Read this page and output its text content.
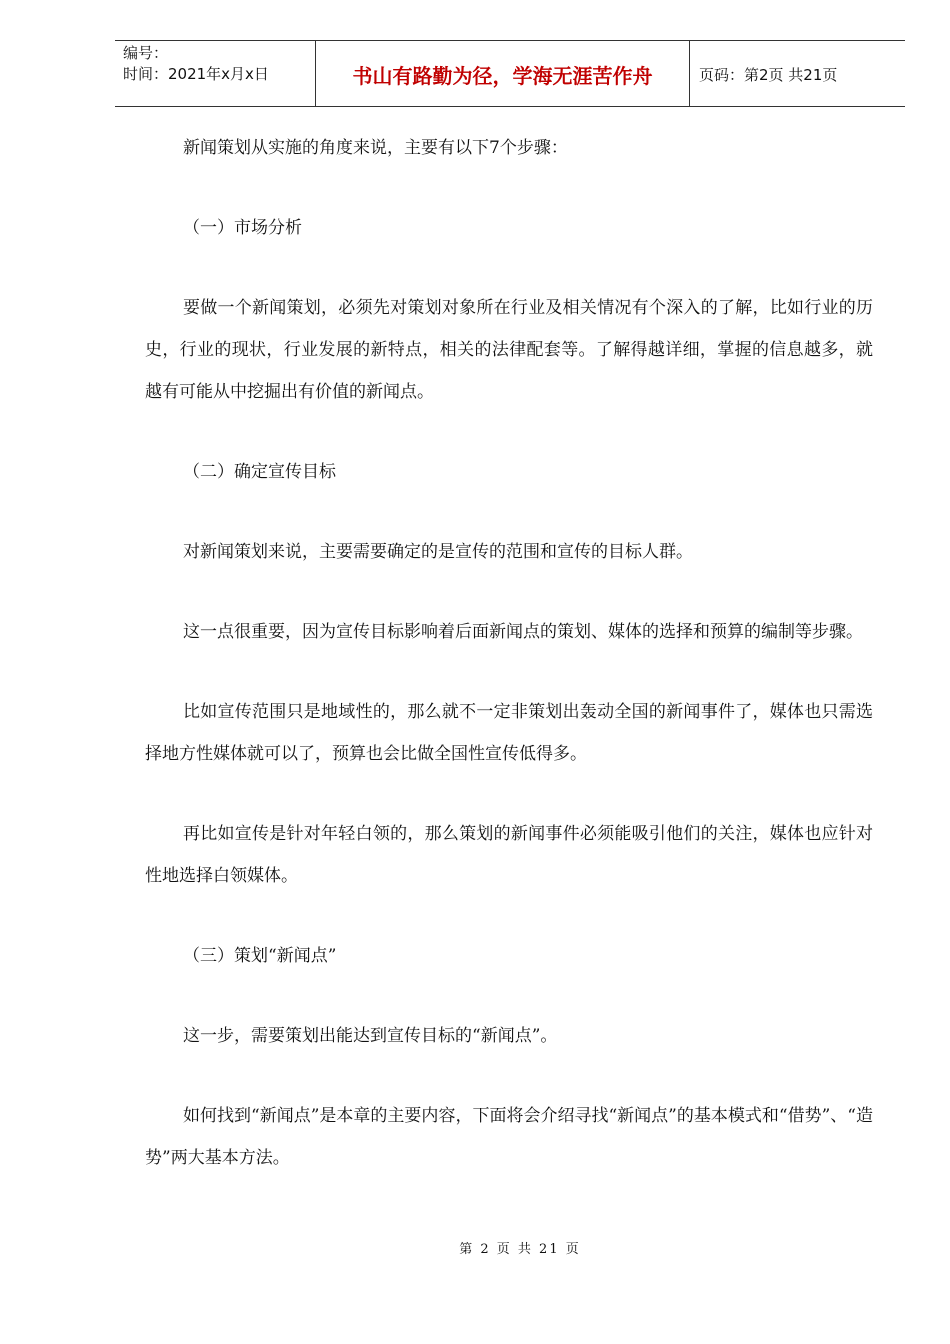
编号：
时间：2021年x月x日	书山有路勤为径，学海无涯苦作舟	页码：第2页 共21页

新闻策划从实施的角度来说，主要有以下7个步骤：

（一）市场分析

要做一个新闻策划，必须先对策划对象所在行业及相关情况有个深入的了解，比如行业的历史，行业的现状，行业发展的新特点，相关的法律配套等。了解得越详细，掌握的信息越多，就越有可能从中挖掘出有价值的新闻点。

（二）确定宣传目标

对新闻策划来说，主要需要确定的是宣传的范围和宣传的目标人群。

这一点很重要，因为宣传目标影响着后面新闻点的策划、媒体的选择和预算的编制等步骤。

比如宣传范围只是地域性的，那么就不一定非策划出轰动全国的新闻事件了，媒体也只需选择地方性媒体就可以了，预算也会比做全国性宣传低得多。

再比如宣传是针对年轻白领的，那么策划的新闻事件必须能吸引他们的关注，媒体也应针对性地选择白领媒体。

（三）策划“新闻点”

这一步，需要策划出能达到宣传目标的“新闻点”。

如何找到“新闻点”是本章的主要内容，下面将会介绍寻找“新闻点”的基本模式和“借势”、“造势”两大基本方法。

第 2 页 共 21 页
